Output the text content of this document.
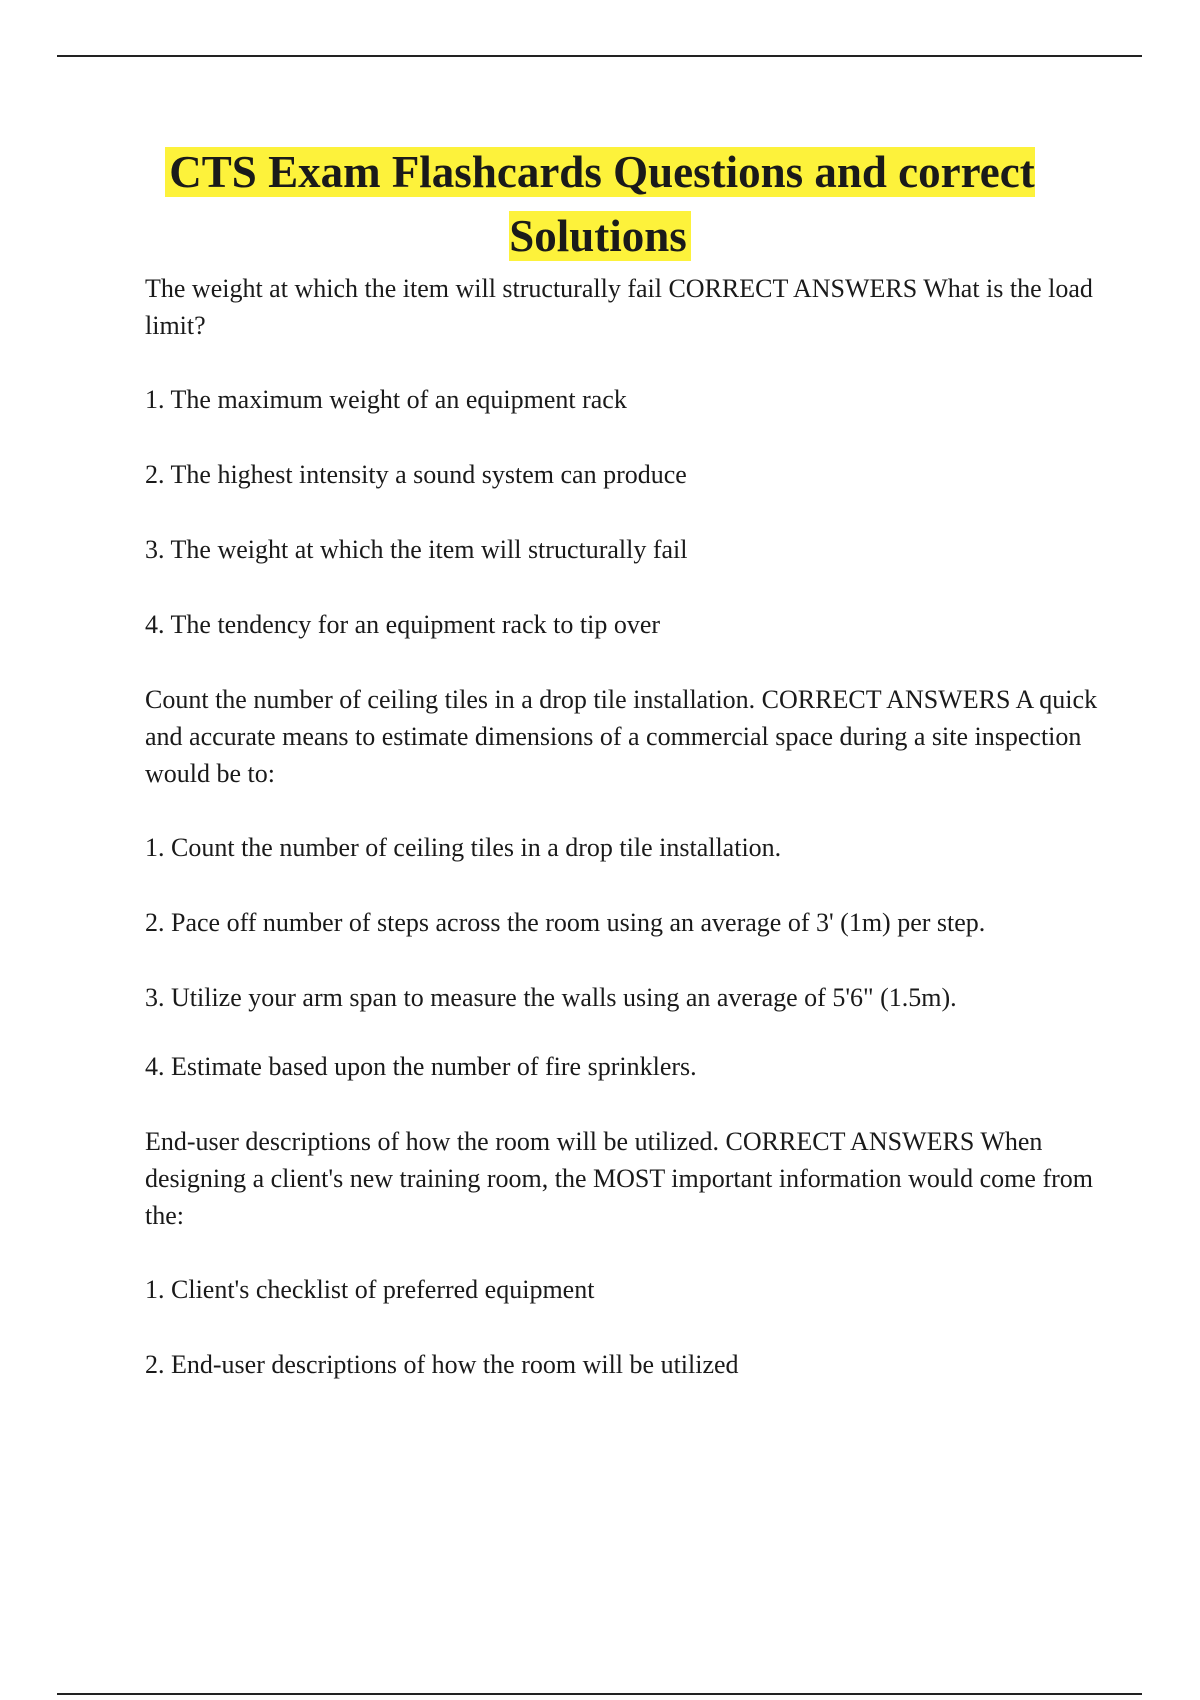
CTS Exam Flashcards Questions and correct Solutions

The weight at which the item will structurally fail CORRECT ANSWERS What is the load limit?

1. The maximum weight of an equipment rack

2. The highest intensity a sound system can produce

3. The weight at which the item will structurally fail

4. The tendency for an equipment rack to tip over

Count the number of ceiling tiles in a drop tile installation. CORRECT ANSWERS A quick and accurate means to estimate dimensions of a commercial space during a site inspection would be to:

1. Count the number of ceiling tiles in a drop tile installation.

2. Pace off number of steps across the room using an average of 3' (1m) per step.

3. Utilize your arm span to measure the walls using an average of 5'6" (1.5m).

4. Estimate based upon the number of fire sprinklers.

End-user descriptions of how the room will be utilized. CORRECT ANSWERS When designing a client's new training room, the MOST important information would come from the:

1. Client's checklist of preferred equipment

2. End-user descriptions of how the room will be utilized
